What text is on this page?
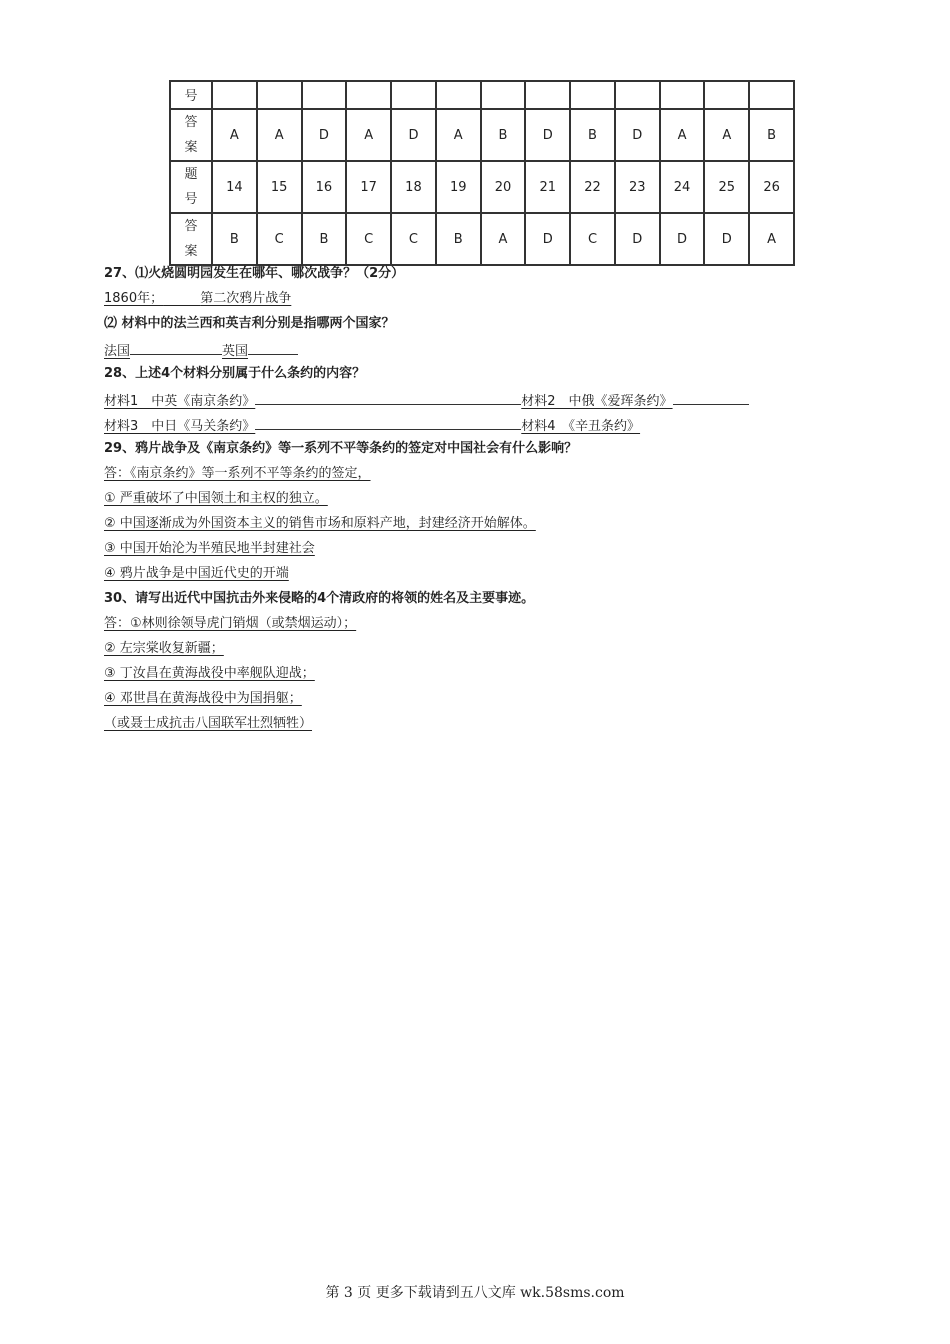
号													

答
案	A	A	D	A	D	A	B	D	B	D	A	A	B

题
号	14	15	16	17	18	19	20	21	22	23	24	25	26

答
案	B	C	B	C	C	B	A	D	C	D	D	D	A
27、⑴火烧圆明园发生在哪年、哪次战争？（2分）
1860年；	第二次鸦片战争
⑵ 材料中的法兰西和英吉利分别是指哪两个国家？
法国	英国
28、上述4个材料分别属于什么条约的内容？
材料1　中英《南京条约》	材料2　中俄《爱珲条约》
材料3　中日《马关条约》	材料4　《辛丑条约》
29、鸦片战争及《南京条约》等一系列不平等条约的签定对中国社会有什么影响？
答：《南京条约》等一系列不平等条约的签定，
① 严重破坏了中国领土和主权的独立。
② 中国逐渐成为外国资本主义的销售市场和原料产地，封建经济开始解体。
③ 中国开始沦为半殖民地半封建社会
④ 鸦片战争是中国近代史的开端
30、请写出近代中国抗击外来侵略的4个清政府的将领的姓名及主要事迹。
答：①林则徐领导虎门销烟（或禁烟运动）；
② 左宗棠收复新疆；
③ 丁汝昌在黄海战役中率舰队迎战；
④ 邓世昌在黄海战役中为国捐躯；
（或聂士成抗击八国联军壮烈牺牲）
第 3 页 更多下载请到五八文库 wk.58sms.com
